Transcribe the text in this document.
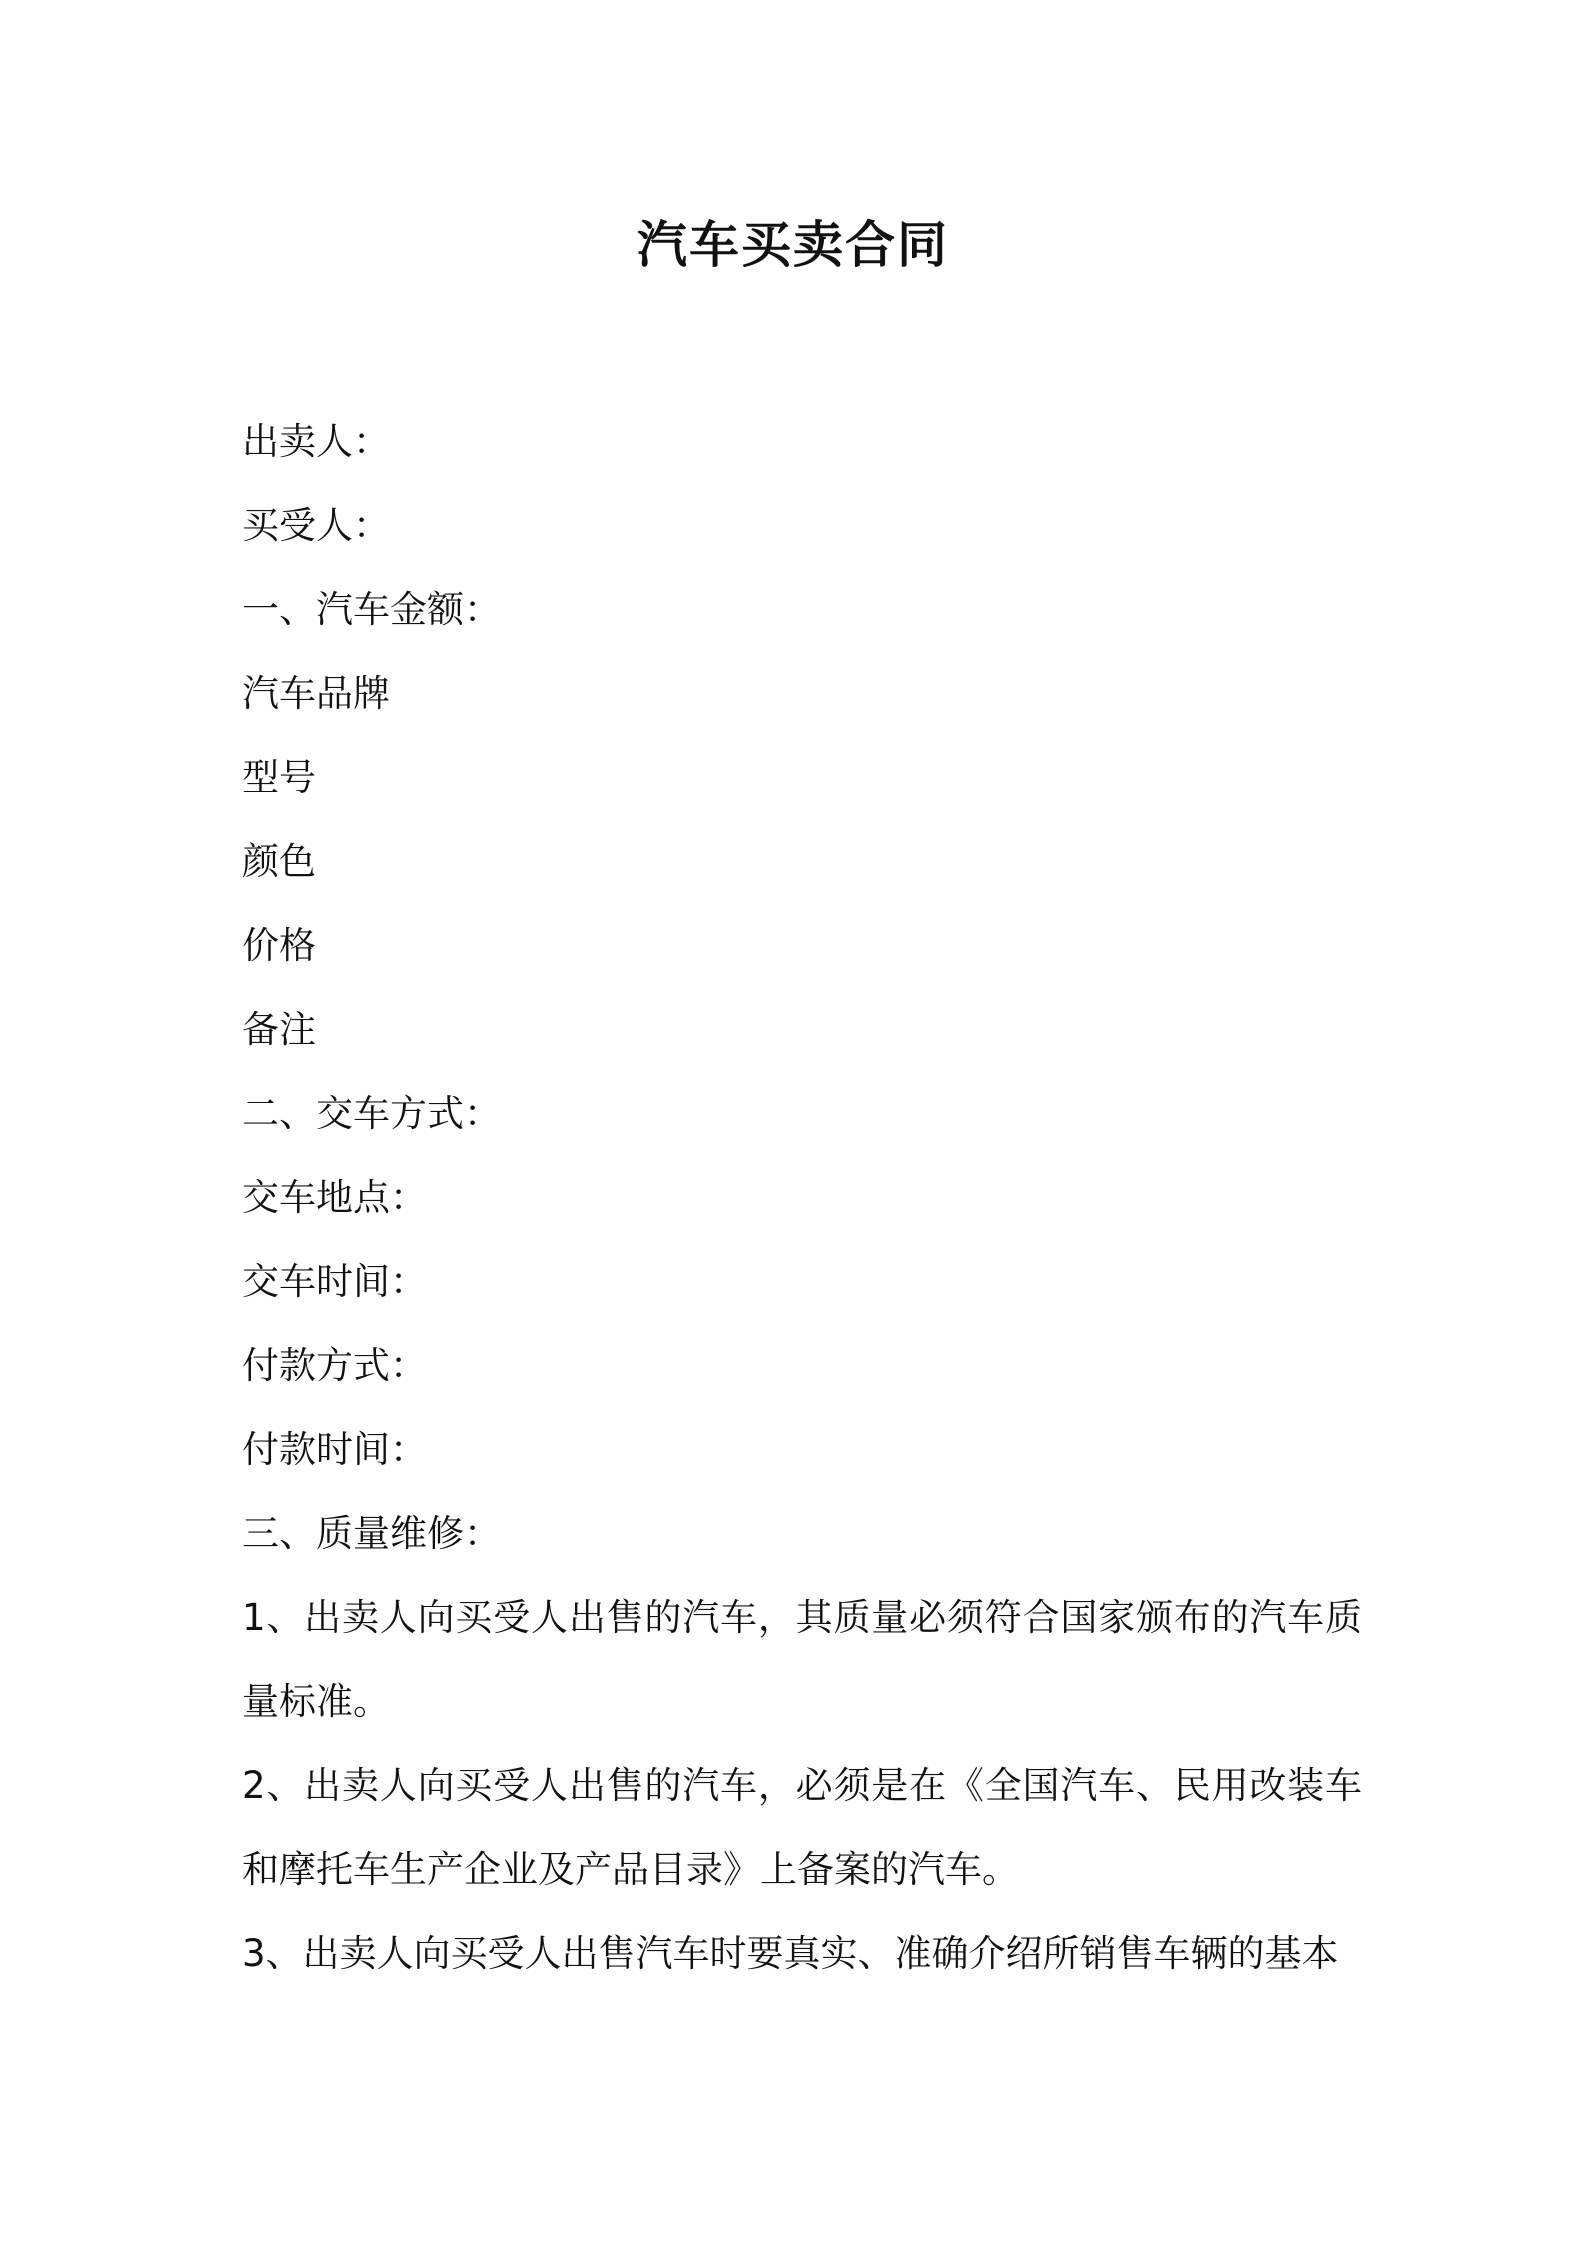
汽车买卖合同
出卖人：
买受人：
一、汽车金额：
汽车品牌
型号
颜色
价格
备注
二、交车方式：
交车地点：
交车时间：
付款方式：
付款时间：
三、质量维修：
1、出卖人向买受人出售的汽车，其质量必须符合国家颁布的汽车质量标准。
2、出卖人向买受人出售的汽车，必须是在《全国汽车、民用改装车和摩托车生产企业及产品目录》上备案的汽车。
3、出卖人向买受人出售汽车时要真实、准确介绍所销售车辆的基本
